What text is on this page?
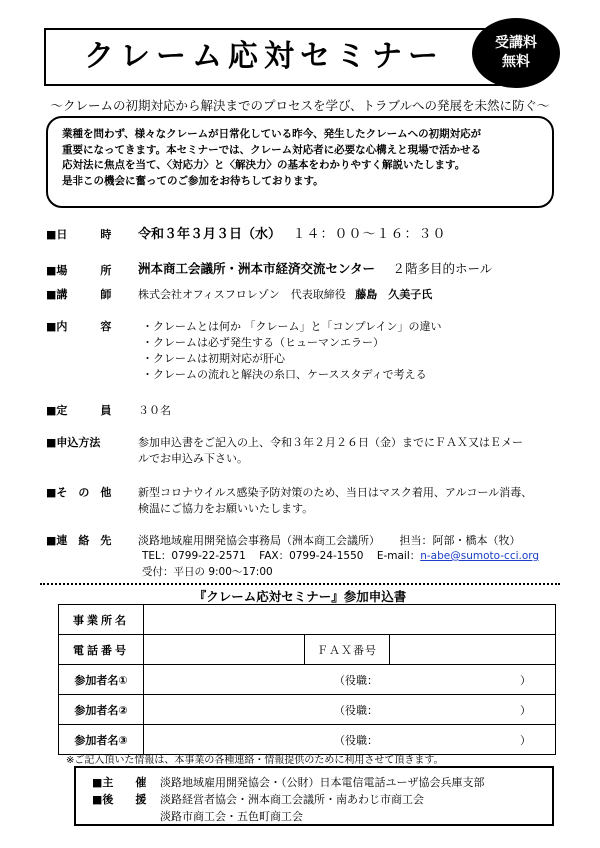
クレーム応対セミナー	受講料
無料
～クレームの初期対応から解決までのプロセスを学び、トラブルへの発展を未然に防ぐ～
業種を問わず、様々なクレームが日常化している昨今、発生したクレームへの初期対応が
重要になってきます。本セミナーでは、クレーム対応者に必要な心構えと現場で活かせる
応対法に焦点を当て、〈対応力〉と〈解決力〉の基本をわかりやすく解説いたします。
是非この機会に奮ってのご参加をお待ちしております。
■日　　　時 令和３年３月３日（水） １４：００～１６：３０
■場　　　所 洲本商工会議所・洲本市経済交流センター ２階多目的ホール
■講　　　師 株式会社オフィスフロレゾン　代表取締役 藤島　久美子氏
■内　　　容	・クレームとは何か 「クレーム」と「コンプレイン」の違い
・クレームは必ず発生する（ヒューマンエラー）
・クレームは初期対応が肝心
・クレームの流れと解決の糸口、ケーススタディで考える
■定　　　員 ３０名
■申込方法	参加申込書をご記入の上、令和３年２月２６日（金）までにＦＡＸ又はＥメー
ルでお申込み下さい。
■そ　の　他 新型コロナウイルス感染予防対策のため、当日はマスク着用、アルコール消毒、
検温にご協力をお願いいたします。
■連　絡　先 淡路地域雇用開発協会事務局（洲本商工会議所） 担当：阿部・橋本（牧）
TEL：0799-22-2571 FAX：0799-24-1550 E-mail：n-abe@sumoto-cci.org
受付：平日の 9:00～17:00
『クレーム応対セミナー』参加申込書
事業所名			
電話番号		ＦＡＸ番号	
参加者名①	（役職： ）		
参加者名②	（役職： ）		
参加者名③	（役職： ）		
※ご記入頂いた情報は、本事業の各種連絡・情報提供のために利用させて頂きます。
■主　　催 淡路地域雇用開発協会・（公財）日本電信電話ユーザ協会兵庫支部
■後　　援 淡路経営者協会・洲本商工会議所・南あわじ市商工会
淡路市商工会・五色町商工会
